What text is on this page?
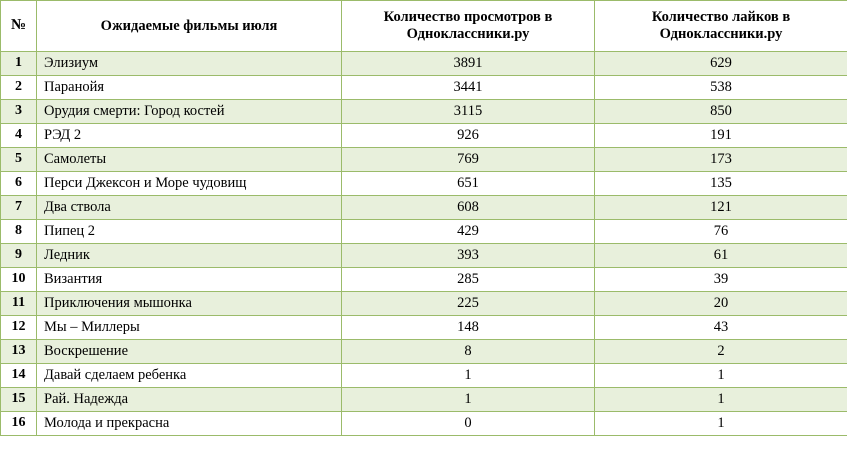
№	Ожидаемые фильмы июля	Количество просмотров в Одноклассники.ру	Количество лайков в Одноклассники.ру
1	Элизиум	3891	629
2	Паранойя	3441	538
3	Орудия смерти: Город костей	3115	850
4	РЭД 2	926	191
5	Самолеты	769	173
6	Перси Джексон и Море чудовищ	651	135
7	Два ствола	608	121
8	Пипец 2	429	76
9	Ледник	393	61
10	Византия	285	39
11	Приключения мышонка	225	20
12	Мы – Миллеры	148	43
13	Воскрешение	8	2
14	Давай сделаем ребенка	1	1
15	Рай. Надежда	1	1
16	Молода и прекрасна	0	1
